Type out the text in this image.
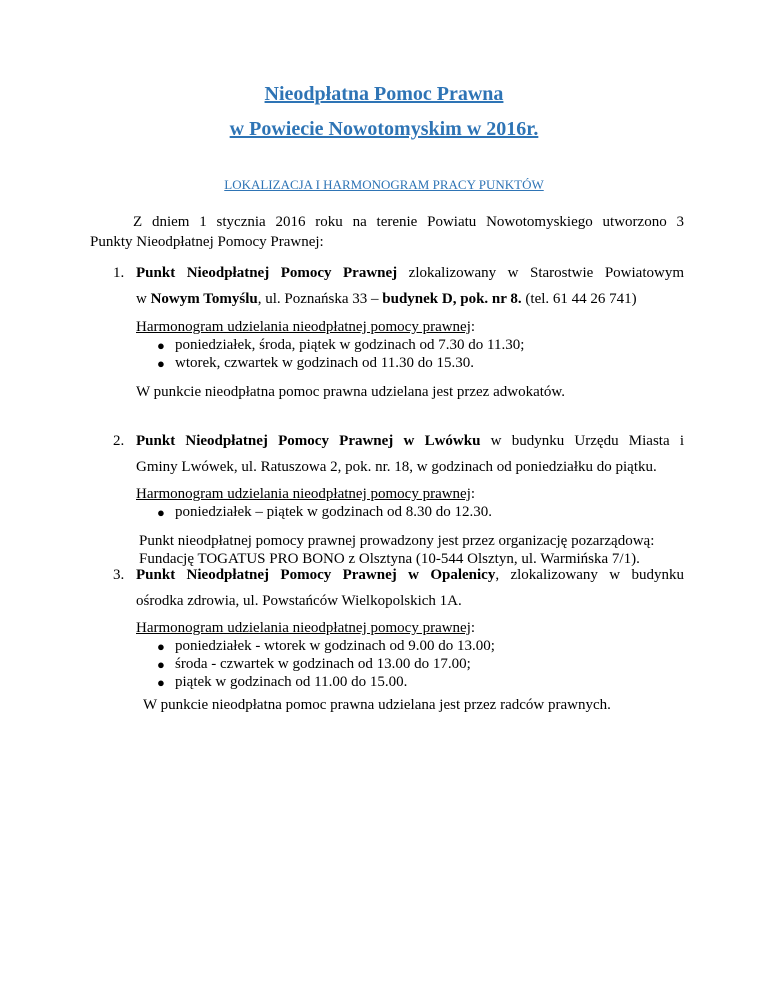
Nieodpłatna Pomoc Prawna
w Powiecie Nowotomyskim w 2016r.
LOKALIZACJA I HARMONOGRAM PRACY PUNKTÓW
Z dniem 1 stycznia 2016 roku na terenie Powiatu Nowotomyskiego utworzono 3
Punkty Nieodpłatnej Pomocy Prawnej:
1. Punkt Nieodpłatnej Pomocy Prawnej zlokalizowany w Starostwie Powiatowym
w Nowym Tomyślu, ul. Poznańska 33 – budynek D, pok. nr 8. (tel. 61 44 26 741)
Harmonogram udzielania nieodpłatnej pomocy prawnej:
● poniedziałek, środa, piątek w godzinach od 7.30 do 11.30;
● wtorek, czwartek w godzinach od 11.30 do 15.30.
W punkcie nieodpłatna pomoc prawna udzielana jest przez adwokatów.
2. Punkt Nieodpłatnej Pomocy Prawnej w Lwówku w budynku Urzędu Miasta i
Gminy Lwówek, ul. Ratuszowa 2, pok. nr. 18, w godzinach od poniedziałku do piątku.
Harmonogram udzielania nieodpłatnej pomocy prawnej:
● poniedziałek – piątek w godzinach od 8.30 do 12.30.
Punkt nieodpłatnej pomocy prawnej prowadzony jest przez organizację pozarządową:
Fundację TOGATUS PRO BONO z Olsztyna (10-544 Olsztyn, ul. Warmińska 7/1).
3. Punkt Nieodpłatnej Pomocy Prawnej w Opalenicy, zlokalizowany w budynku
ośrodka zdrowia, ul. Powstańców Wielkopolskich 1A.
Harmonogram udzielania nieodpłatnej pomocy prawnej:
● poniedziałek - wtorek w godzinach od 9.00 do 13.00;
● środa - czwartek w godzinach od 13.00 do 17.00;
● piątek w godzinach od 11.00 do 15.00.
W punkcie nieodpłatna pomoc prawna udzielana jest przez radców prawnych.
